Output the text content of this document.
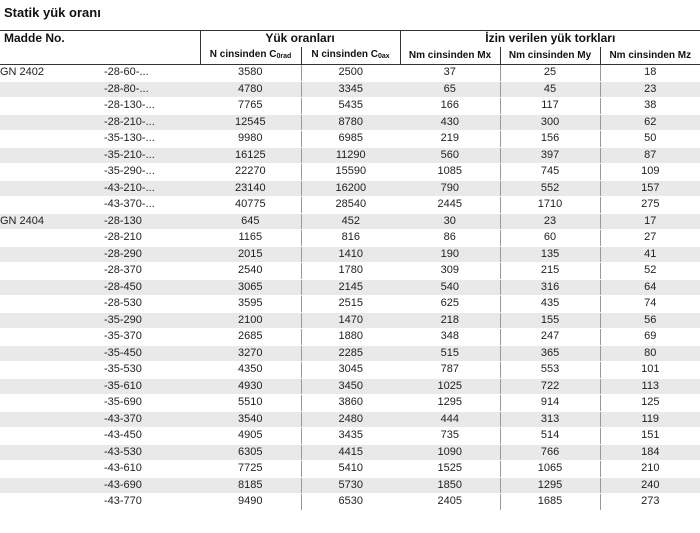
Statik yük oranı
Madde No.		Yük oranları		İzin verilen yük torkları		
		N cinsinden $C_{0rad}$	N cinsinden $C_{0ax}$	Nm cinsinden Mx	Nm cinsinden My	Nm cinsinden Mz
GN 2402	-28-60-...	3580	2500	37	25	18
	-28-80-...	4780	3345	65	45	23
	-28-130-...	7765	5435	166	117	38
	-28-210-...	12545	8780	430	300	62
	-35-130-...	9980	6985	219	156	50
	-35-210-...	16125	11290	560	397	87
	-35-290-...	22270	15590	1085	745	109
	-43-210-...	23140	16200	790	552	157
	-43-370-...	40775	28540	2445	1710	275
GN 2404	-28-130	645	452	30	23	17
	-28-210	1165	816	86	60	27
	-28-290	2015	1410	190	135	41
	-28-370	2540	1780	309	215	52
	-28-450	3065	2145	540	316	64
	-28-530	3595	2515	625	435	74
	-35-290	2100	1470	218	155	56
	-35-370	2685	1880	348	247	69
	-35-450	3270	2285	515	365	80
	-35-530	4350	3045	787	553	101
	-35-610	4930	3450	1025	722	113
	-35-690	5510	3860	1295	914	125
	-43-370	3540	2480	444	313	119
	-43-450	4905	3435	735	514	151
	-43-530	6305	4415	1090	766	184
	-43-610	7725	5410	1525	1065	210
	-43-690	8185	5730	1850	1295	240
	-43-770	9490	6530	2405	1685	273
